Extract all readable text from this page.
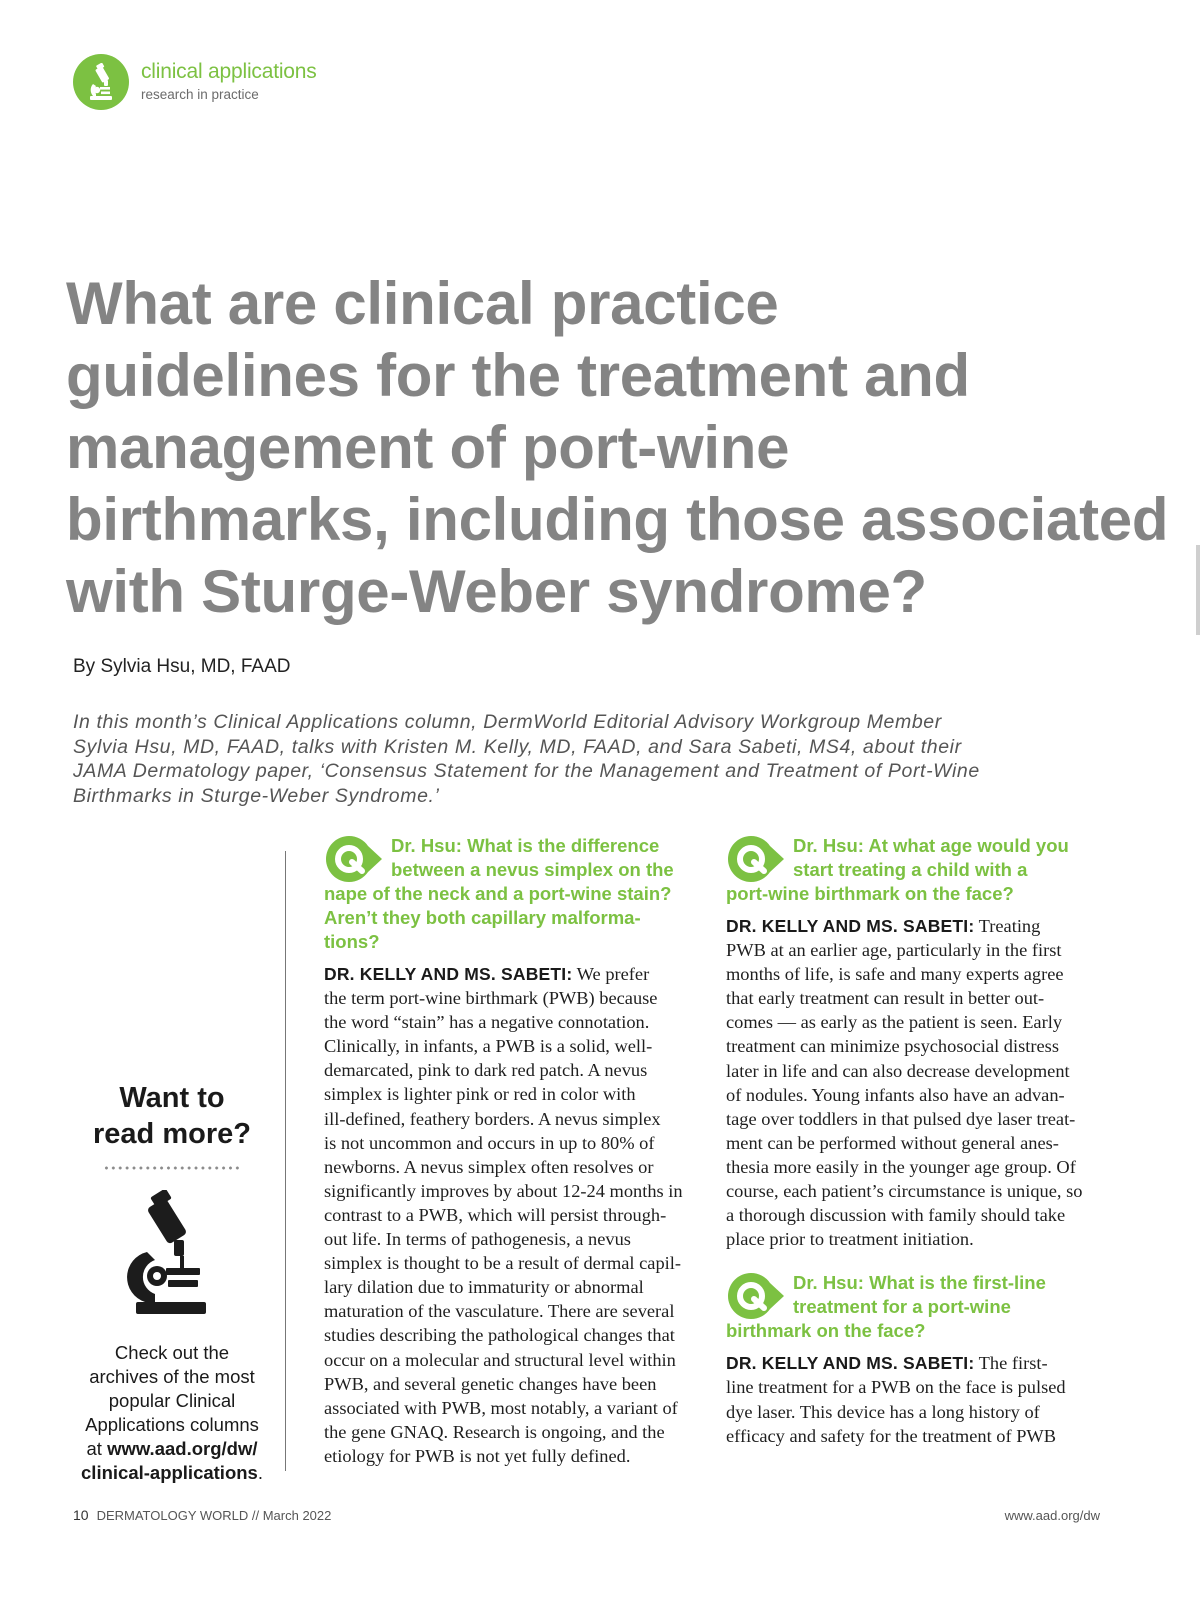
clinical applications
research in practice
What are clinical practice
guidelines for the treatment and
management of port-wine
birthmarks, including those associated
with Sturge-Weber syndrome?
By Sylvia Hsu, MD, FAAD
In this month’s Clinical Applications column, DermWorld Editorial Advisory Workgroup Member
Sylvia Hsu, MD, FAAD, talks with Kristen M. Kelly, MD, FAAD, and Sara Sabeti, MS4, about their
JAMA Dermatology paper, ‘Consensus Statement for the Management and Treatment of Port-Wine
Birthmarks in Sturge-Weber Syndrome.’
Want to
read more?
Check out the
archives of the most
popular Clinical
Applications columns
at www.aad.org/dw/
clinical-applications.

Dr. Hsu: What is the difference
between a nevus simplex on the
nape of the neck and a port-wine stain?
Aren’t they both capillary malforma-
tions?

DR. KELLY AND MS. SABETI: We prefer
the term port-wine birthmark (PWB) because
the word “stain” has a negative connotation.
Clinically, in infants, a PWB is a solid, well-
demarcated, pink to dark red patch. A nevus
simplex is lighter pink or red in color with
ill-defined, feathery borders. A nevus simplex
is not uncommon and occurs in up to 80% of
newborns. A nevus simplex often resolves or
significantly improves by about 12-24 months in
contrast to a PWB, which will persist through-
out life. In terms of pathogenesis, a nevus
simplex is thought to be a result of dermal capil-
lary dilation due to immaturity or abnormal
maturation of the vasculature. There are several
studies describing the pathological changes that
occur on a molecular and structural level within
PWB, and several genetic changes have been
associated with PWB, most notably, a variant of
the gene GNAQ. Research is ongoing, and the
etiology for PWB is not yet fully defined.

Dr. Hsu: At what age would you
start treating a child with a
port-wine birthmark on the face?

DR. KELLY AND MS. SABETI: Treating
PWB at an earlier age, particularly in the first
months of life, is safe and many experts agree
that early treatment can result in better out-
comes — as early as the patient is seen. Early
treatment can minimize psychosocial distress
later in life and can also decrease development
of nodules. Young infants also have an advan-
tage over toddlers in that pulsed dye laser treat-
ment can be performed without general anes-
thesia more easily in the younger age group. Of
course, each patient’s circumstance is unique, so
a thorough discussion with family should take
place prior to treatment initiation.

Dr. Hsu: What is the first-line
treatment for a port-wine
birthmark on the face?

DR. KELLY AND MS. SABETI: The first-
line treatment for a PWB on the face is pulsed
dye laser. This device has a long history of
efficacy and safety for the treatment of PWB
10 DERMATOLOGY WORLD // March 2022	www.aad.org/dw
